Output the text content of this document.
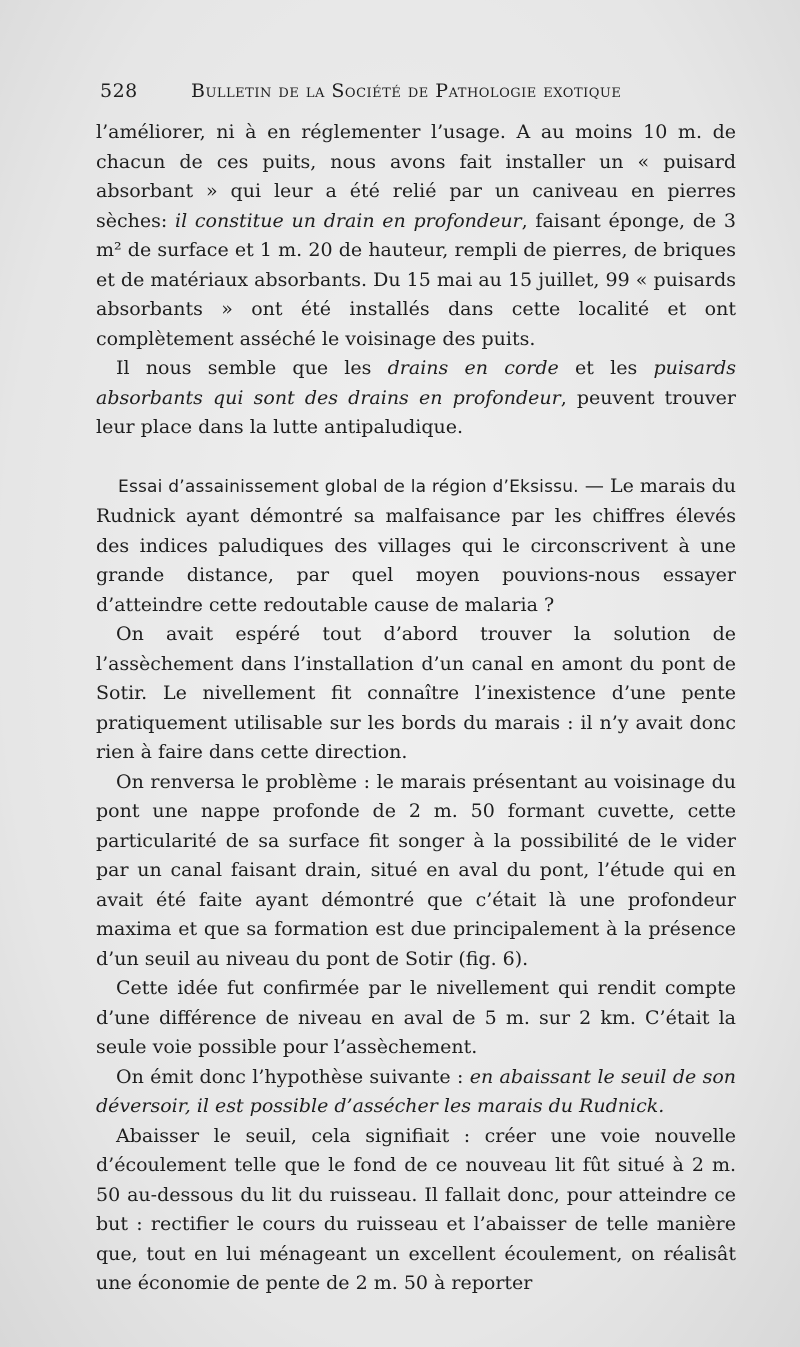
528	Bulletin de la Société de Pathologie exotique

l’améliorer, ni à en réglementer l’usage. A au moins 10 m. de chacun de ces puits, nous avons fait installer un « puisard absorbant » qui leur a été relié par un caniveau en pierres sèches: il constitue un drain en profondeur, faisant éponge, de 3 m² de surface et 1 m. 20 de hauteur, rempli de pierres, de briques et de matériaux absorbants. Du 15 mai au 15 juillet, 99 « puisards absorbants » ont été installés dans cette localité et ont complètement asséché le voisinage des puits.

Il nous semble que les drains en corde et les puisards absorbants qui sont des drains en profondeur, peuvent trouver leur place dans la lutte antipaludique.

Essai d’assainissement global de la région d’Eksissu. — Le marais du Rudnick ayant démontré sa malfaisance par les chiffres élevés des indices paludiques des villages qui le circonscrivent à une grande distance, par quel moyen pouvions-nous essayer d’atteindre cette redoutable cause de malaria ?

On avait espéré tout d’abord trouver la solution de l’assèchement dans l’installation d’un canal en amont du pont de Sotir. Le nivellement fit connaître l’inexistence d’une pente pratiquement utilisable sur les bords du marais : il n’y avait donc rien à faire dans cette direction.

On renversa le problème : le marais présentant au voisinage du pont une nappe profonde de 2 m. 50 formant cuvette, cette particularité de sa surface fit songer à la possibilité de le vider par un canal faisant drain, situé en aval du pont, l’étude qui en avait été faite ayant démontré que c’était là une profondeur maxima et que sa formation est due principalement à la présence d’un seuil au niveau du pont de Sotir (fig. 6).

Cette idée fut confirmée par le nivellement qui rendit compte d’une différence de niveau en aval de 5 m. sur 2 km. C’était la seule voie possible pour l’assèchement.

On émit donc l’hypothèse suivante : en abaissant le seuil de son déversoir, il est possible d’assécher les marais du Rudnick.

Abaisser le seuil, cela signifiait : créer une voie nouvelle d’écoulement telle que le fond de ce nouveau lit fût situé à 2 m. 50 au-dessous du lit du ruisseau. Il fallait donc, pour atteindre ce but : rectifier le cours du ruisseau et l’abaisser de telle manière que, tout en lui ménageant un excellent écoulement, on réalisât une économie de pente de 2 m. 50 à reporter
